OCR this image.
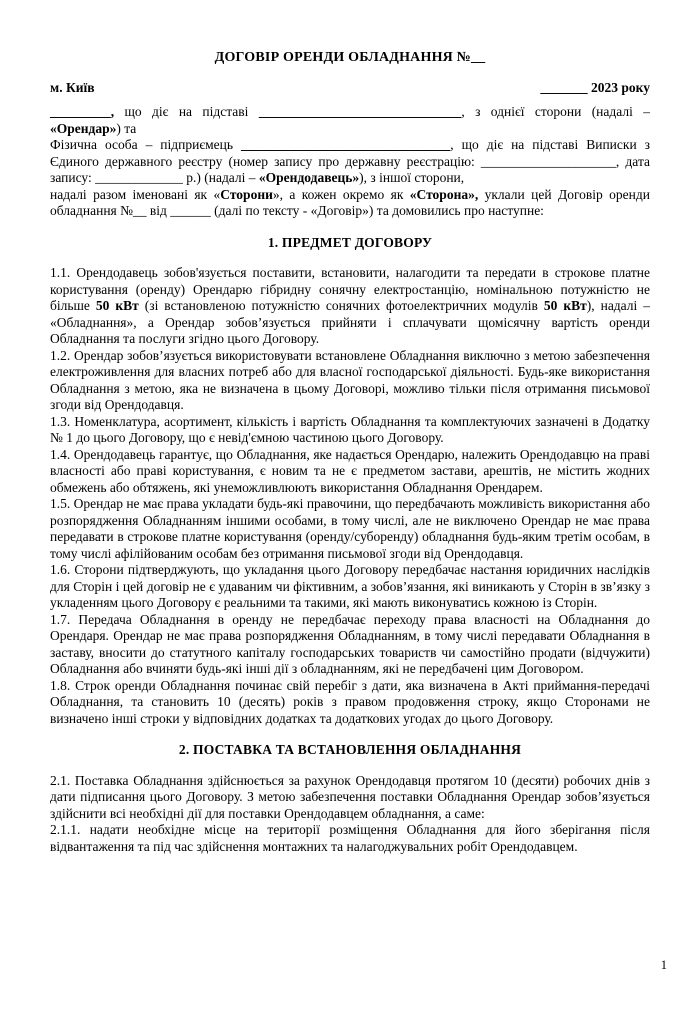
ДОГОВІР ОРЕНДИ ОБЛАДНАННЯ №__
м. Київ	_______ 2023 року
_________, що діє на підставі ______________________________, з однієї сторони (надалі – «Орендар») та
Фізична особа – підприємець _______________________________, що діє на підставі Виписки з Єдиного державного реєстру (номер запису про державну реєстрацію: ____________________, дата запису: _____________ р.) (надалі – «Орендодавець»), з іншої сторони,
надалі разом іменовані як «Сторони», а кожен окремо як «Сторона», уклали цей Договір оренди обладнання №__ від ______ (далі по тексту - «Договір») та домовились про наступне:
1. ПРЕДМЕТ ДОГОВОРУ
1.1. Орендодавець зобов'язується поставити, встановити, налагодити та передати в строкове платне користування (оренду) Орендарю гібридну сонячну електростанцію, номінальною потужністю не більше 50 кВт (зі встановленою потужністю сонячних фотоелектричних модулів 50 кВт), надалі – «Обладнання», а Орендар зобов’язується прийняти і сплачувати щомісячну вартість оренди Обладнання та послуги згідно цього Договору.
1.2. Орендар зобов’язується використовувати встановлене Обладнання виключно з метою забезпечення електроживлення для власних потреб або для власної господарської діяльності. Будь-яке використання Обладнання з метою, яка не визначена в цьому Договорі, можливо тільки після отримання письмової згоди від Орендодавця.
1.3. Номенклатура, асортимент, кількість і вартість Обладнання та комплектуючих зазначені в Додатку № 1 до цього Договору, що є невід'ємною частиною цього Договору.
1.4. Орендодавець гарантує, що Обладнання, яке надається Орендарю, належить Орендодавцю на праві власності або праві користування, є новим та не є предметом застави, арештів, не містить жодних обмежень або обтяжень, які унеможливлюють використання Обладнання Орендарем.
1.5. Орендар не має права укладати будь-які правочини, що передбачають можливість використання або розпорядження Обладнанням іншими особами, в тому числі, але не виключено Орендар не має права передавати в строкове платне користування (оренду/суборенду) обладнання будь-яким третім особам, в тому числі афілійованим особам без отримання письмової згоди від Орендодавця.
1.6. Сторони підтверджують, що укладання цього Договору передбачає настання юридичних наслідків для Сторін і цей договір не є удаваним чи фіктивним, а зобов’язання, які виникають у Сторін в зв’язку з укладенням цього Договору є реальними та такими, які мають виконуватись кожною із Сторін.
1.7. Передача Обладнання в оренду не передбачає переходу права власності на Обладнання до Орендаря. Орендар не має права розпорядження Обладнанням, в тому числі передавати Обладнання в заставу, вносити до статутного капіталу господарських товариств чи самостійно продати (відчужити) Обладнання або вчиняти будь-які інші дії з обладнанням, які не передбачені цим Договором.
1.8. Строк оренди Обладнання починає свій перебіг з дати, яка визначена в Акті приймання-передачі Обладнання, та становить 10 (десять) років з правом продовження строку, якщо Сторонами не визначено інші строки у відповідних додатках та додаткових угодах до цього Договору.
2. ПОСТАВКА ТА ВСТАНОВЛЕННЯ ОБЛАДНАННЯ
2.1. Поставка Обладнання здійснюється за рахунок Орендодавця протягом 10 (десяти) робочих днів з дати підписання цього Договору. З метою забезпечення поставки Обладнання Орендар зобов’язується здійснити всі необхідні дії для поставки Орендодавцем обладнання, а саме:
2.1.1. надати необхідне місце на території розміщення Обладнання для його зберігання після відвантаження та під час здійснення монтажних та налагоджувальних робіт Орендодавцем.
1
